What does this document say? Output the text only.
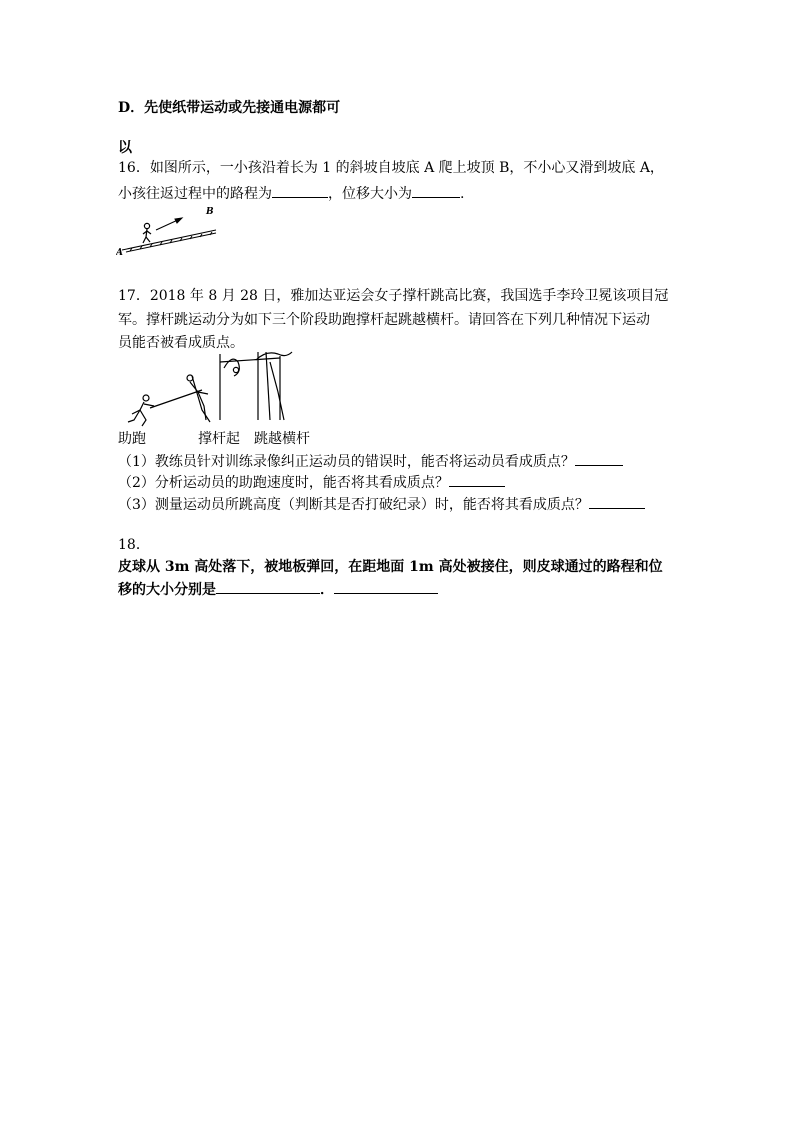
D．先使纸带运动或先接通电源都可
以
16．如图所示，一小孩沿着长为 1 的斜坡自坡底 A 爬上坡顶 B，不小心又滑到坡底 A，
小孩往返过程中的路程为	，位移大小为	.
A
B
17．2018 年 8 月 28 日，雅加达亚运会女子撑杆跳高比赛，我国选手李玲卫冕该项目冠
军。撑杆跳运动分为如下三个阶段助跑撑杆起跳越横杆。请回答在下列几种情况下运动
员能否被看成质点。
助跑	撑杆起 跳越横杆
（1）教练员针对训练录像纠正运动员的错误时，能否将运动员看成质点？
（2）分析运动员的助跑速度时，能否将其看成质点？
（3）测量运动员所跳高度（判断其是否打破纪录）时，能否将其看成质点？
18．
皮球从 3m 高处落下，被地板弹回，在距地面 1m 高处被接住，则皮球通过的路程和位
移的大小分别是	．
